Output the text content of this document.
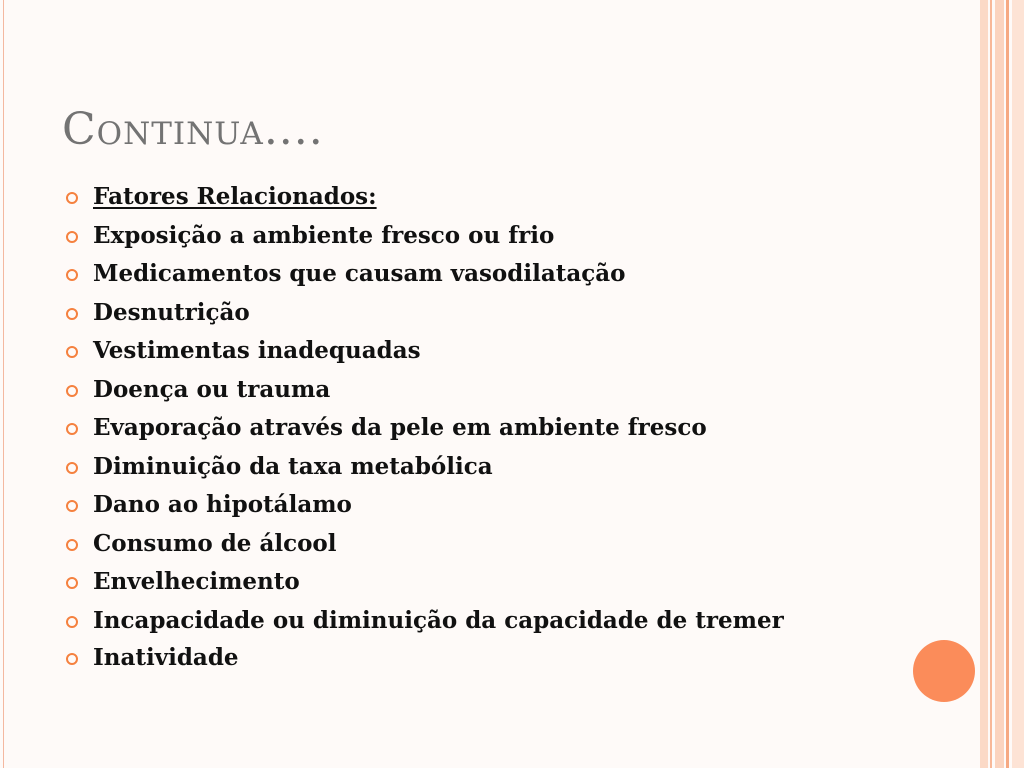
Continua....
Fatores Relacionados:
Exposição a ambiente fresco ou frio
Medicamentos que causam vasodilatação
Desnutrição
Vestimentas inadequadas
Doença ou trauma
Evaporação através da pele em ambiente fresco
Diminuição da taxa metabólica
Dano ao hipotálamo
Consumo de álcool
Envelhecimento
Incapacidade ou diminuição da capacidade de tremer
Inatividade
